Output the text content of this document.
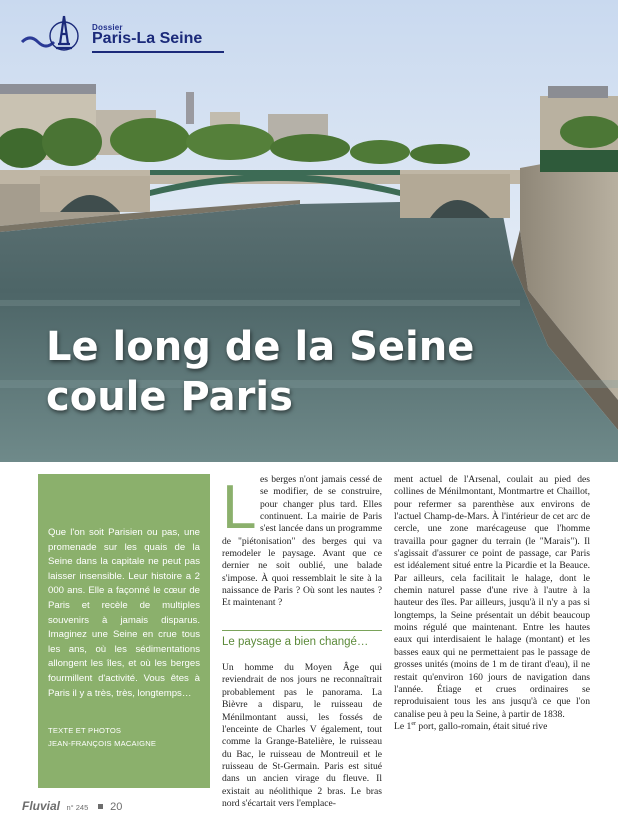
Dossier
Paris-La Seine
Le long de la Seine
coule Paris

Que l'on soit Parisien ou pas, une promenade sur les quais de la Seine dans la capitale ne peut pas laisser insensible. Leur histoire a 2 000 ans. Elle a façonné le cœur de Paris et recèle de multiples souvenirs à jamais disparus. Imaginez une Seine en crue tous les ans, où les sédimentations allongent les îles, et où les berges fourmillent d'activité. Vous êtes à Paris il y a très, très, longtemps…

TEXTE ET PHOTOS
JEAN-FRANÇOIS MACAIGNE
L es berges n'ont jamais cessé de se modifier, de se construire, pour changer plus tard. Elles continuent. La mairie de Paris s'est lancée dans un programme de "piétonisation" des berges qui va remodeler le paysage. Avant que ce dernier ne soit oublié, une balade s'impose. À quoi ressemblait le site à la naissance de Paris ? Où sont les nautes ? Et maintenant ?

Le paysage a bien changé…

Un homme du Moyen Âge qui reviendrait de nos jours ne reconnaîtrait probablement pas le panorama. La Bièvre a disparu, le ruisseau de Ménilmontant aussi, les fossés de l'enceinte de Charles V également, tout comme la Grange-Batelière, le ruisseau du Bac, le ruisseau de Montreuil et le ruisseau de St-Germain. Paris est situé dans un ancien virage du fleuve. Il existait au néolithique 2 bras. Le bras nord s'écartait vers l'emplace-

ment actuel de l'Arsenal, coulait au pied des collines de Ménilmontant, Montmartre et Chaillot, pour refermer sa parenthèse aux environs de l'actuel Champ-de-Mars. À l'intérieur de cet arc de cercle, une zone marécageuse que l'homme travailla pour gagner du terrain (le "Marais"). Il s'agissait d'assurer ce point de passage, car Paris est idéalement situé entre la Picardie et la Beauce. Par ailleurs, cela facilitait le halage, dont le chemin naturel passe d'une rive à l'autre à la hauteur des îles. Par ailleurs, jusqu'à il n'y a pas si longtemps, la Seine présentait un débit beaucoup moins régulé que maintenant. Entre les hautes eaux qui interdisaient le halage (montant) et les basses eaux qui ne permettaient pas le passage de grosses unités (moins de 1 m de tirant d'eau), il ne restait qu'environ 160 jours de navigation dans l'année. Étiage et crues ordinaires se reproduisaient tous les ans jusqu'à ce que l'on canalise peu à peu la Seine, à partir de 1838.

Le 1er port, gallo-romain, était situé rive

Fluvial n° 245 20
